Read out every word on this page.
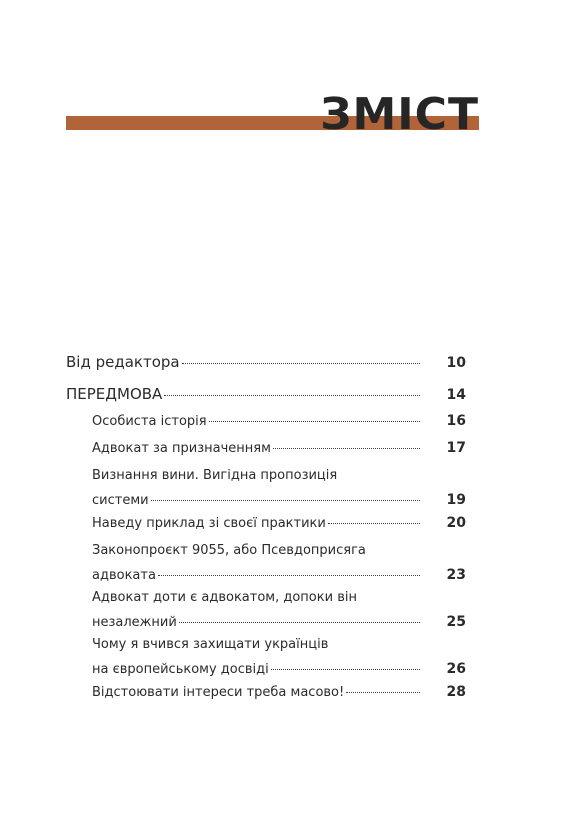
ЗМІСТ
Від редактора	10
ПЕРЕДМОВА	14
Особиста історія	16
Адвокат за призначенням	17
Визнання вини. Вигідна пропозиція
системи	19
Наведу приклад зі своєї практики	20
Законопроєкт 9055, або Псевдоприсяга
адвоката	23
Адвокат доти є адвокатом, допоки він
незалежний	25
Чому я вчився захищати українців
на європейському досвіді	26
Відстоювати інтереси треба масово!	28
